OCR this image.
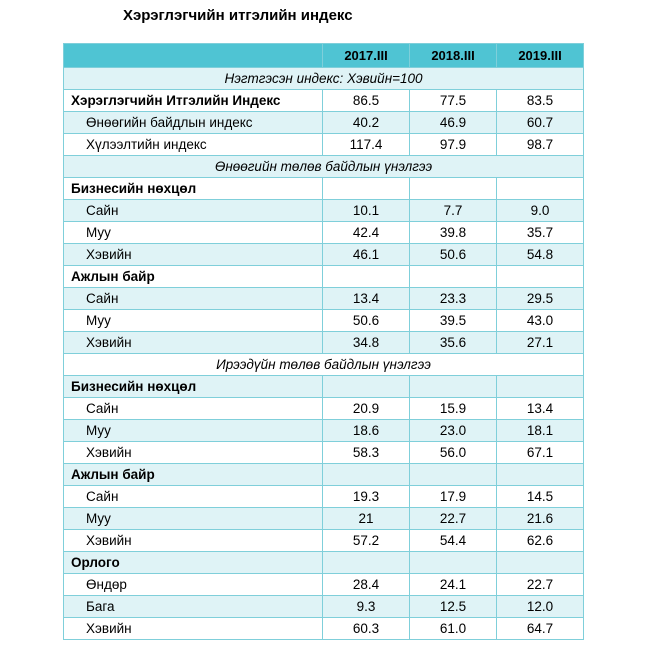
Хэрэглэгчийн итгэлийн индекс
	2017.III	2018.III	2019.III
Нэгтгэсэн индекс: Хэвийн=100			
Хэрэглэгчийн Итгэлийн Индекс	86.5	77.5	83.5
Өнөөгийн байдлын индекс	40.2	46.9	60.7
Хүлээлтийн индекс	117.4	97.9	98.7
Өнөөгийн төлөв байдлын үнэлгээ			
Бизнесийн нөхцөл			
Сайн	10.1	7.7	9.0
Муу	42.4	39.8	35.7
Хэвийн	46.1	50.6	54.8
Ажлын байр			
Сайн	13.4	23.3	29.5
Муу	50.6	39.5	43.0
Хэвийн	34.8	35.6	27.1
Ирээдүйн төлөв байдлын үнэлгээ			
Бизнесийн нөхцөл			
Сайн	20.9	15.9	13.4
Муу	18.6	23.0	18.1
Хэвийн	58.3	56.0	67.1
Ажлын байр			
Сайн	19.3	17.9	14.5
Муу	21	22.7	21.6
Хэвийн	57.2	54.4	62.6
Орлого			
Өндөр	28.4	24.1	22.7
Бага	9.3	12.5	12.0
Хэвийн	60.3	61.0	64.7
